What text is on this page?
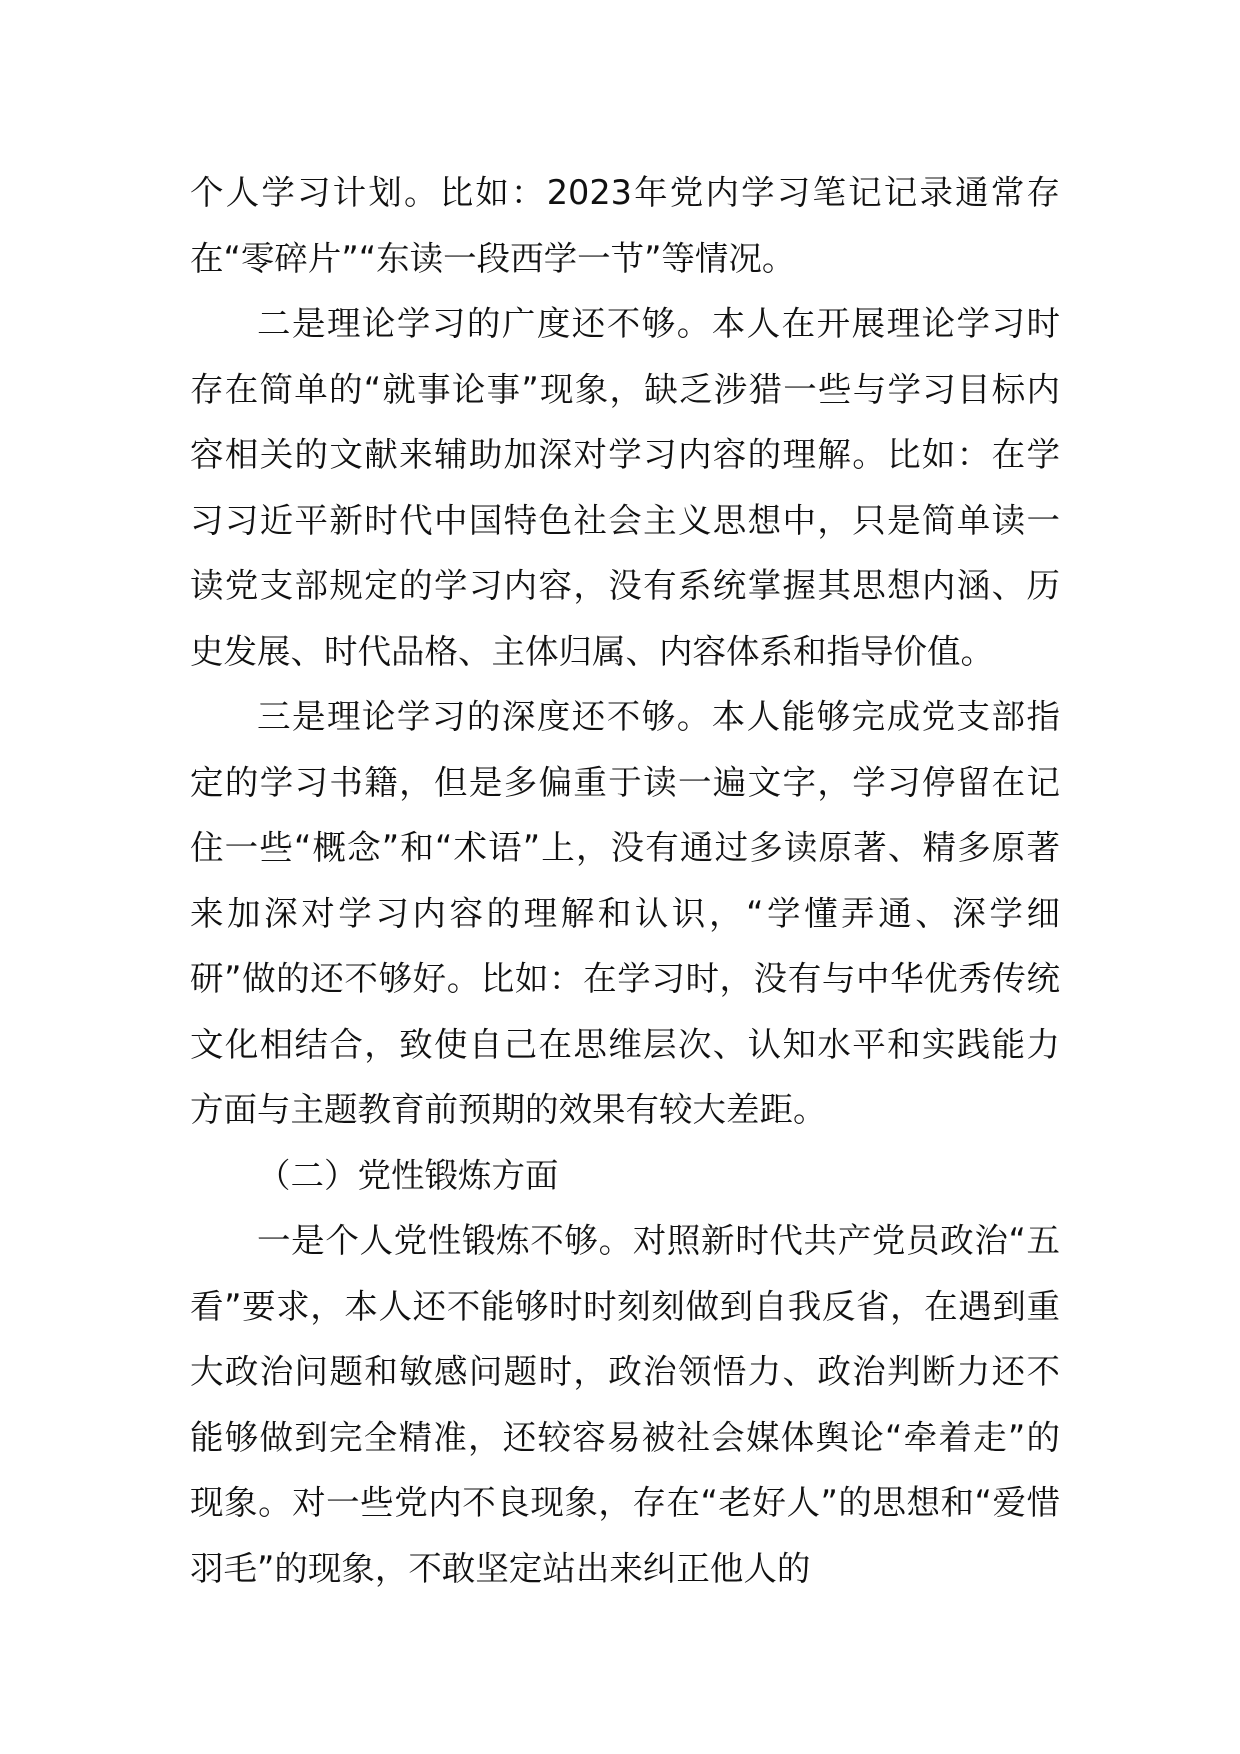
个人学习计划。比如：2023年党内学习笔记记录通常存在“零碎片”“东读一段西学一节”等情况。

二是理论学习的广度还不够。本人在开展理论学习时存在简单的“就事论事”现象，缺乏涉猎一些与学习目标内容相关的文献来辅助加深对学习内容的理解。比如：在学习习近平新时代中国特色社会主义思想中，只是简单读一读党支部规定的学习内容，没有系统掌握其思想内涵、历史发展、时代品格、主体归属、内容体系和指导价值。

三是理论学习的深度还不够。本人能够完成党支部指定的学习书籍，但是多偏重于读一遍文字，学习停留在记住一些“概念”和“术语”上，没有通过多读原著、精多原著来加深对学习内容的理解和认识，“学懂弄通、深学细研”做的还不够好。比如：在学习时，没有与中华优秀传统文化相结合，致使自己在思维层次、认知水平和实践能力方面与主题教育前预期的效果有较大差距。

（二）党性锻炼方面

一是个人党性锻炼不够。对照新时代共产党员政治“五看”要求，本人还不能够时时刻刻做到自我反省，在遇到重大政治问题和敏感问题时，政治领悟力、政治判断力还不能够做到完全精准，还较容易被社会媒体舆论“牵着走”的现象。对一些党内不良现象，存在“老好人”的思想和“爱惜羽毛”的现象，不敢坚定站出来纠正他人的
